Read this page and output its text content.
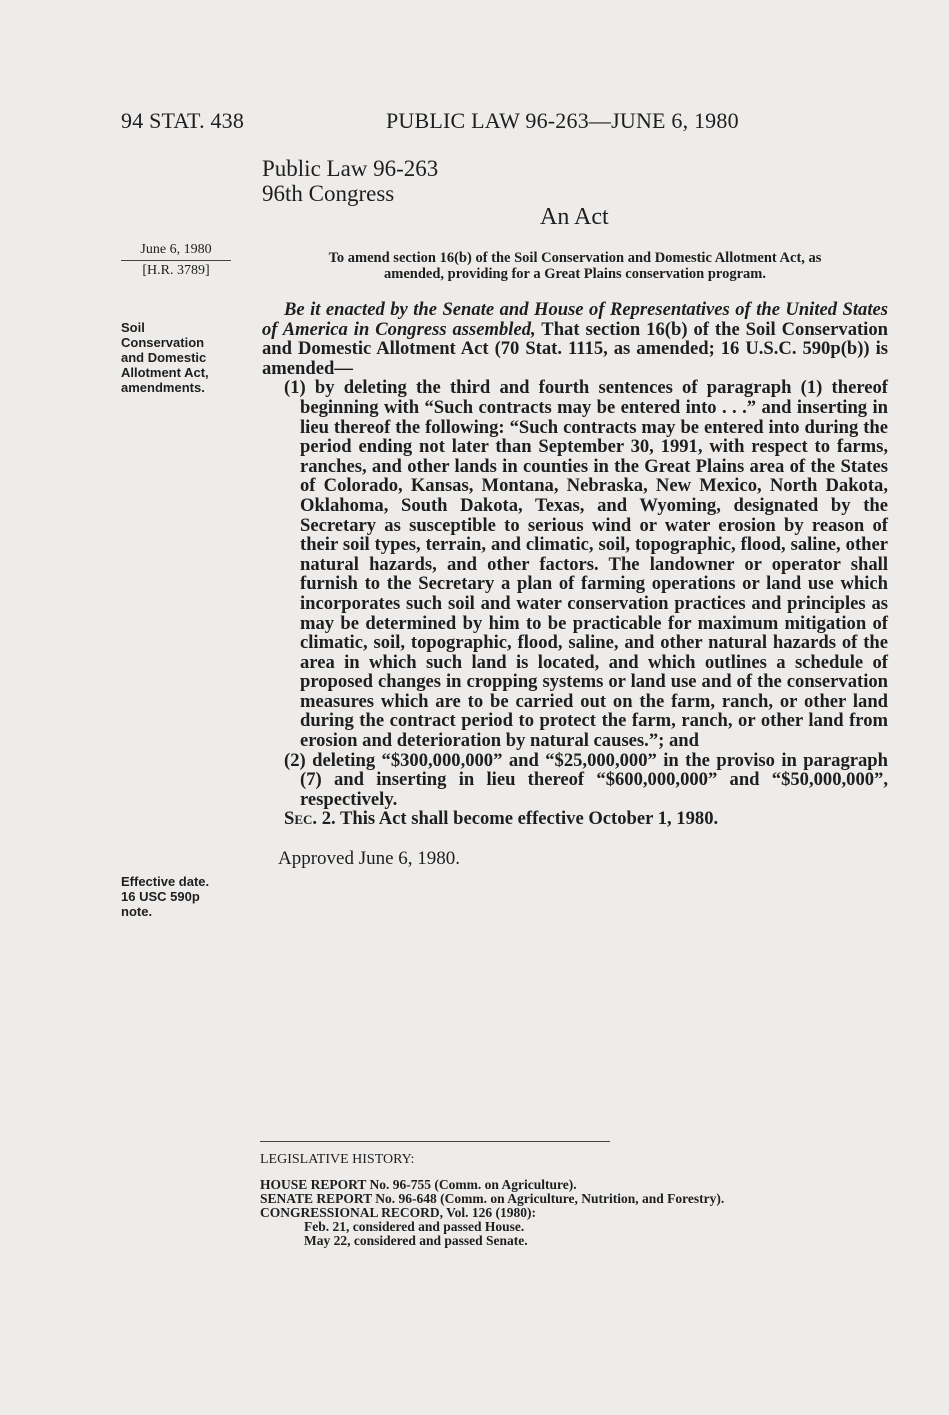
94 STAT. 438	PUBLIC LAW 96-263—JUNE 6, 1980
Public Law 96-263
96th Congress
An Act
June 6, 1980
[H.R. 3789]
To amend section 16(b) of the Soil Conservation and Domestic Allotment Act, as
amended, providing for a Great Plains conservation program.
Soil
Conservation
and Domestic
Allotment Act,
amendments.

Be it enacted by the Senate and House of Representatives of the United States of America in Congress assembled, That section 16(b) of the Soil Conservation and Domestic Allotment Act (70 Stat. 1115, as amended; 16 U.S.C. 590p(b)) is amended—

(1) by deleting the third and fourth sentences of paragraph (1) thereof beginning with “Such contracts may be entered into . . .” and inserting in lieu thereof the following: “Such contracts may be entered into during the period ending not later than September 30, 1991, with respect to farms, ranches, and other lands in counties in the Great Plains area of the States of Colorado, Kansas, Montana, Nebraska, New Mexico, North Dakota, Oklahoma, South Dakota, Texas, and Wyoming, designated by the Secretary as susceptible to serious wind or water erosion by reason of their soil types, terrain, and climatic, soil, topographic, flood, saline, other natural hazards, and other factors. The landowner or operator shall furnish to the Secretary a plan of farming operations or land use which incorporates such soil and water conservation practices and principles as may be determined by him to be practicable for maximum mitigation of climatic, soil, topographic, flood, saline, and other natural hazards of the area in which such land is located, and which outlines a schedule of proposed changes in cropping systems or land use and of the conservation measures which are to be carried out on the farm, ranch, or other land during the contract period to protect the farm, ranch, or other land from erosion and deterioration by natural causes.”; and

(2) deleting “$300,000,000” and “$25,000,000” in the proviso in paragraph (7) and inserting in lieu thereof “$600,000,000” and “$50,000,000”, respectively.

Sec. 2. This Act shall become effective October 1, 1980.

Approved June 6, 1980.

Effective date.
16 USC 590p
note.
LEGISLATIVE HISTORY:
HOUSE REPORT No. 96-755 (Comm. on Agriculture).
SENATE REPORT No. 96-648 (Comm. on Agriculture, Nutrition, and Forestry).
CONGRESSIONAL RECORD, Vol. 126 (1980):
Feb. 21, considered and passed House.
May 22, considered and passed Senate.
